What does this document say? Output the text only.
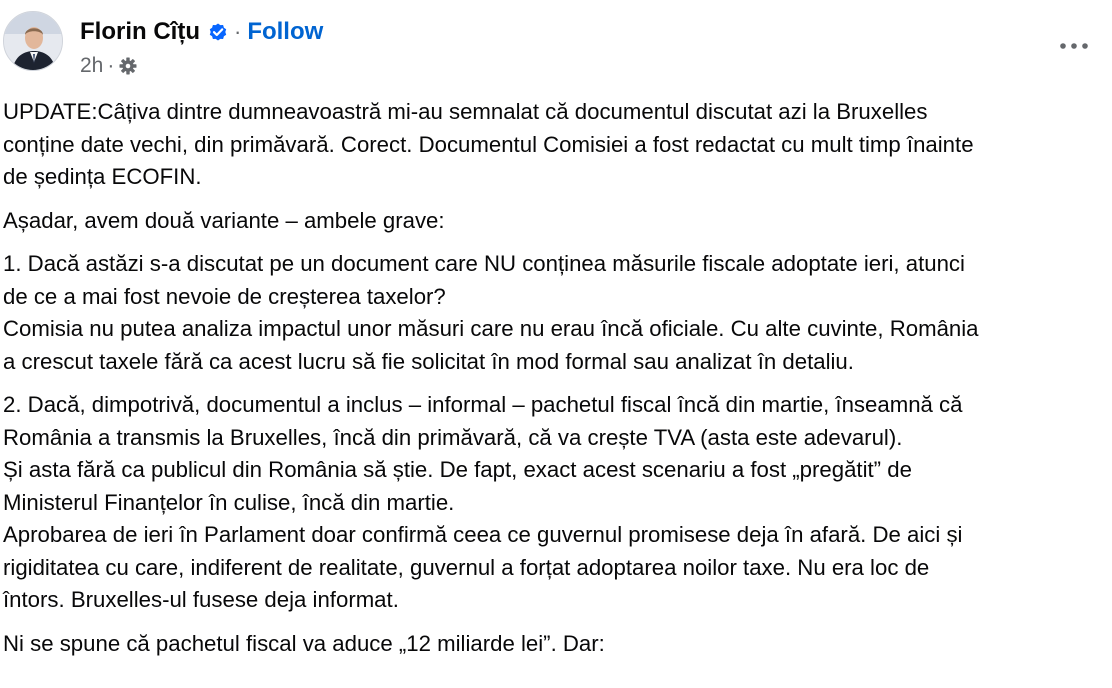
Florin Cîțu · Follow
2h ·

UPDATE:Câțiva dintre dumneavoastră mi-au semnalat că documentul discutat azi la Bruxelles
conține date vechi, din primăvară. Corect. Documentul Comisiei a fost redactat cu mult timp înainte
de ședința ECOFIN.

Așadar, avem două variante – ambele grave:

1. Dacă astăzi s-a discutat pe un document care NU conținea măsurile fiscale adoptate ieri, atunci
de ce a mai fost nevoie de creșterea taxelor?
Comisia nu putea analiza impactul unor măsuri care nu erau încă oficiale. Cu alte cuvinte, România
a crescut taxele fără ca acest lucru să fie solicitat în mod formal sau analizat în detaliu.

2. Dacă, dimpotrivă, documentul a inclus – informal – pachetul fiscal încă din martie, înseamnă că
România a transmis la Bruxelles, încă din primăvară, că va crește TVA (asta este adevarul).
Și asta fără ca publicul din România să știe. De fapt, exact acest scenariu a fost „pregătit” de
Ministerul Finanțelor în culise, încă din martie.
Aprobarea de ieri în Parlament doar confirmă ceea ce guvernul promisese deja în afară. De aici și
rigiditatea cu care, indiferent de realitate, guvernul a forțat adoptarea noilor taxe. Nu era loc de
întors. Bruxelles-ul fusese deja informat.

Ni se spune că pachetul fiscal va aduce „12 miliarde lei”. Dar:
